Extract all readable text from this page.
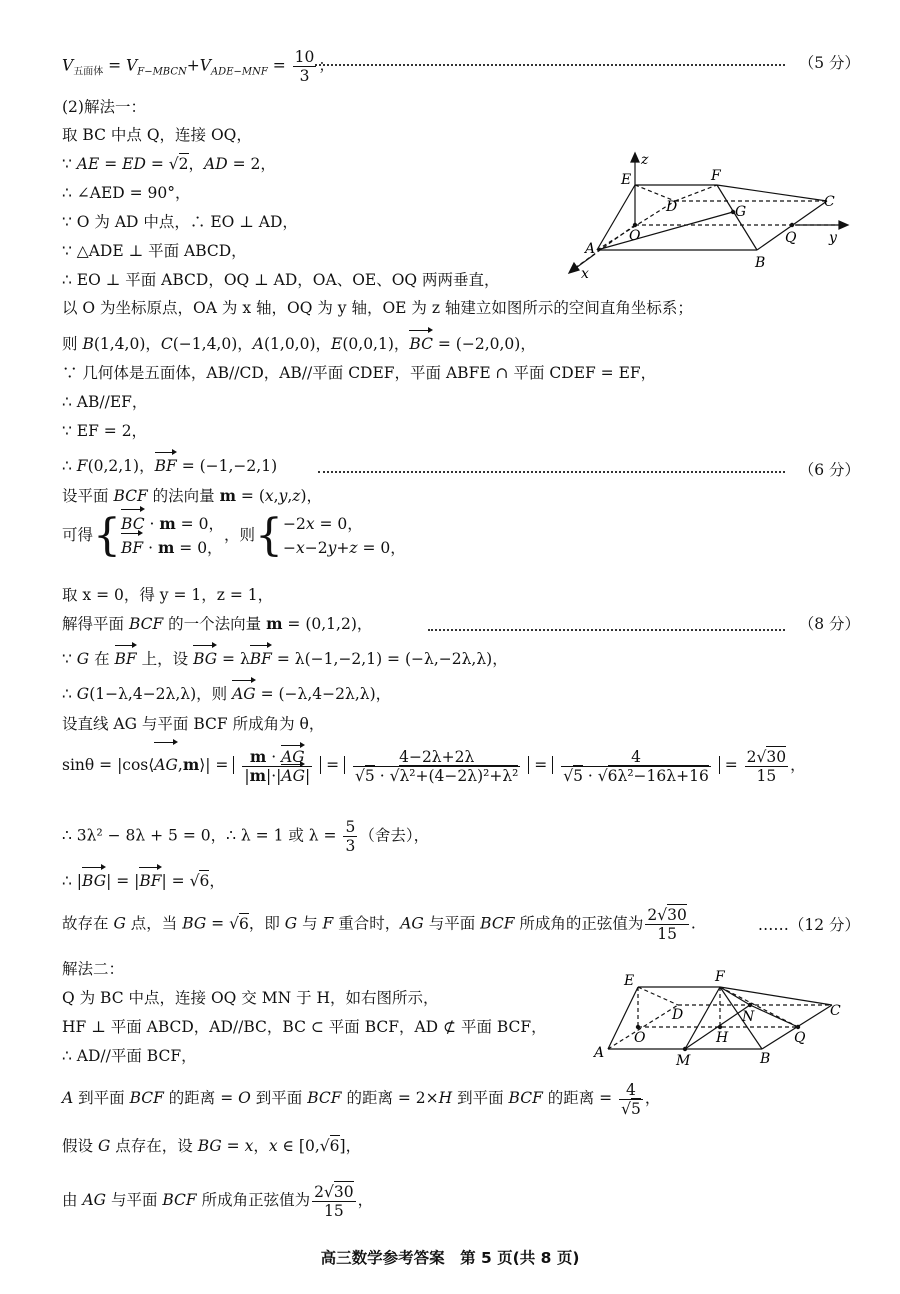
$V_{五面体} = V_{F-MBCN}+V_{ADE-MNF} = \frac{10}{3}$ ；	（5 分）
(2)解法一：
取 BC 中点 Q，连接 OQ，
∵ AE = ED = √2，AD = 2，
∴ ∠AED = 90°，
∵ O 为 AD 中点，∴ EO ⊥ AD，
∵ △ADE ⊥ 平面 ABCD，
∴ EO ⊥ 平面 ABCD，OQ ⊥ AD，OA、OE、OQ 两两垂直，
以 O 为坐标原点，OA 为 x 轴，OQ 为 y 轴，OE 为 z 轴建立如图所示的空间直角坐标系；
则 B(1,4,0)，C(−1,4,0)，A(1,0,0)，E(0,0,1)，BC = (−2,0,0)，
∵ 几何体是五面体，AB//CD，AB//平面 CDEF，平面 ABFE ∩ 平面 CDEF = EF，
∴ AB//EF，
∵ EF = 2，
∴ F(0,2,1)，BF = (−1,−2,1)	（6 分）
设平面 BCF 的法向量 m = (x,y,z)，
可得{BC · m = 0，
BF · m = 0，，则{−2x = 0，
−x−2y+z = 0，
取 x = 0，得 y = 1，z = 1，
解得平面 BCF 的一个法向量 m = (0,1,2)，	（8 分）
∵ G 在 BF 上，设 BG = λBF = λ(−1,−2,1) = (−λ,−2λ,λ)，
∴ G(1−λ,4−2λ,λ)，则 AG = (−λ,4−2λ,λ)，
设直线 AG 与平面 BCF 所成角为 θ，
sinθ = |cos⟨AG,m⟩| = $\frac{m \cdot AG}{|m|\cdot|AG|} = \frac{4-2\lambda+2\lambda}{\text{√5 · √λ²+(4−2λ)²+λ²}} = \frac{4}{\text{√5 · √6λ²−16λ+16}} = \frac{2√30}{15}$ ，
∴ 3λ² − 8λ + 5 = 0，∴ λ = 1 或 $\lambda = \frac{5}{3}$ （舍去），
∴ |BG| = |BF| = √6，
故存在 G 点，当 BG = √6，即 G 与 F 重合时，AG 与平面 BCF 所成角的正弦值为 $\frac{2√30}{15}$ .	……（12 分）
解法二：
Q 为 BC 中点，连接 OQ 交 MN 于 H，如右图所示，
HF ⊥ 平面 ABCD，AD//BC，BC ⊂ 平面 BCF，AD ⊄ 平面 BCF，
∴ AD//平面 BCF，
A 到平面 BCF 的距离 = O 到平面 BCF 的距离 = 2×H 到平面 BCF 的距离 = $\frac{4}{√5}$ ，
假设 G 点存在，设 BG = x，x ∈ [0,√6]，
由 AG 与平面 BCF 所成角正弦值为 $\frac{2√30}{15}$ ，
z
E	F
D	G
C
O	Q y
A
B
x
E	F
D	N	C
O	H	Q
A	M	B
高三数学参考答案　第 5 页(共 8 页)
